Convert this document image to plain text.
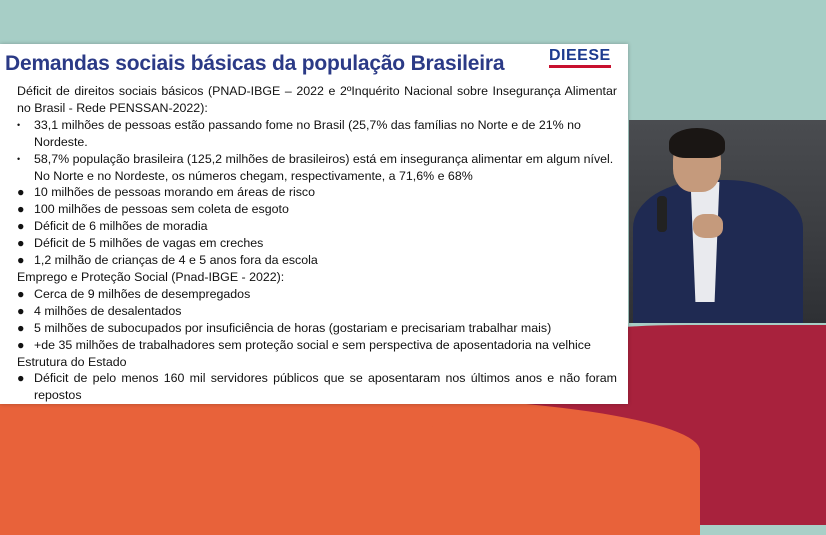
Demandas sociais básicas da população Brasileira	DIEESE
Déficit de direitos sociais básicos (PNAD-IBGE – 2022 e 2ºInquérito Nacional sobre Insegurança Alimentar no Brasil - Rede PENSSAN-2022):
•	33,1 milhões de pessoas estão passando fome no Brasil (25,7% das famílias no Norte e de 21% no Nordeste.
•	58,7% população brasileira (125,2 milhões de brasileiros) está em insegurança alimentar em algum nível. No Norte e no Nordeste, os números chegam, respectivamente, a 71,6% e 68%
● 10 milhões de pessoas morando em áreas de risco
● 100 milhões de pessoas sem coleta de esgoto
● Déficit de 6 milhões de moradia
● Déficit de 5 milhões de vagas em creches
● 1,2 milhão de crianças de 4 e 5 anos fora da escola
Emprego e Proteção Social (Pnad-IBGE - 2022):
● Cerca de 9 milhões de desempregados
● 4 milhões de desalentados
● 5 milhões de subocupados por insuficiência de horas (gostariam e precisariam trabalhar mais)
● +de 35 milhões de trabalhadores sem proteção social e sem perspectiva de aposentadoria na velhice
Estrutura do Estado
● Déficit de pelo menos 160 mil servidores públicos que se aposentaram nos últimos anos e não foram repostos
